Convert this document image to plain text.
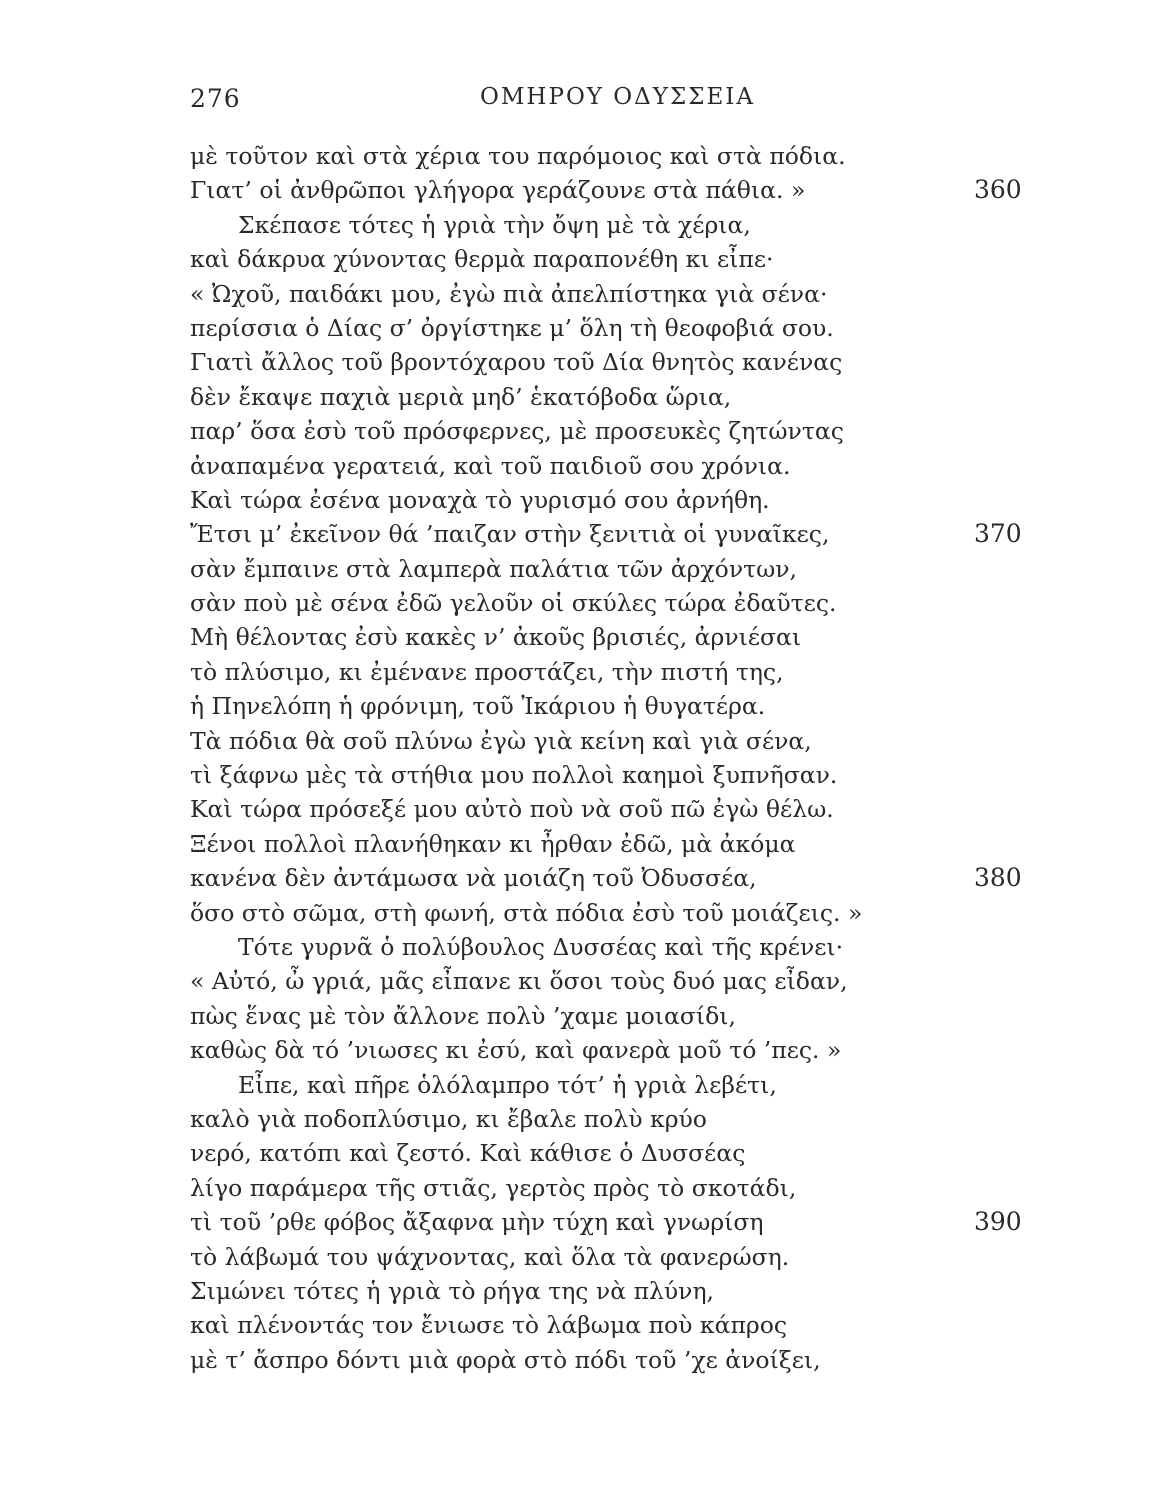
276	ΟΜΗΡΟΥ ΟΔΥΣΣΕΙΑ
μὲ τοῦτον καὶ στὰ χέρια του παρόμοιος καὶ στὰ πόδια.
Γιατ’ οἱ ἀνθρῶποι γλήγορα γεράζουνε στὰ πάθια. »	360
Σκέπασε τότες ἡ γριὰ τὴν ὄψη μὲ τὰ χέρια,
καὶ δάκρυα χύνοντας θερμὰ παραπονέθη κι εἶπε·
« Ὠχοῦ, παιδάκι μου, ἐγὼ πιὰ ἀπελπίστηκα γιὰ σένα·
περίσσια ὁ Δίας σ’ ὀργίστηκε μ’ ὅλη τὴ θεοφοβιά σου.
Γιατὶ ἄλλος τοῦ βροντόχαρου τοῦ Δία θνητὸς κανένας
δὲν ἔκαψε παχιὰ μεριὰ μηδ’ ἑκατόβοδα ὥρια,
παρ’ ὅσα ἐσὺ τοῦ πρόσφερνες, μὲ προσευκὲς ζητώντας
ἀναπαμένα γερατειά, καὶ τοῦ παιδιοῦ σου χρόνια.
Καὶ τώρα ἐσένα μοναχὰ τὸ γυρισμό σου ἀρνήθη.
Ἔτσι μ’ ἐκεῖνον θά ’παιζαν στὴν ξενιτιὰ οἱ γυναῖκες,	370
σὰν ἔμπαινε στὰ λαμπερὰ παλάτια τῶν ἀρχόντων,
σὰν ποὺ μὲ σένα ἐδῶ γελοῦν οἱ σκύλες τώρα ἐδαῦτες.
Μὴ θέλοντας ἐσὺ κακὲς ν’ ἀκοῦς βρισιές, ἀρνιέσαι
τὸ πλύσιμο, κι ἐμένανε προστάζει, τὴν πιστή της,
ἡ Πηνελόπη ἡ φρόνιμη, τοῦ Ἰκάριου ἡ θυγατέρα.
Τὰ πόδια θὰ σοῦ πλύνω ἐγὼ γιὰ κείνη καὶ γιὰ σένα,
τὶ ξάφνω μὲς τὰ στήθια μου πολλοὶ καημοὶ ξυπνῆσαν.
Καὶ τώρα πρόσεξέ μου αὐτὸ ποὺ νὰ σοῦ πῶ ἐγὼ θέλω.
Ξένοι πολλοὶ πλανήθηκαν κι ἦρθαν ἐδῶ, μὰ ἀκόμα
κανένα δὲν ἀντάμωσα νὰ μοιάζη τοῦ Ὀδυσσέα,	380
ὅσο στὸ σῶμα, στὴ φωνή, στὰ πόδια ἐσὺ τοῦ μοιάζεις. »
Τότε γυρνᾶ ὁ πολύβουλος Δυσσέας καὶ τῆς κρένει·
« Αὐτό, ὦ γριά, μᾶς εἶπανε κι ὅσοι τοὺς δυό μας εἶδαν,
πὼς ἕνας μὲ τὸν ἄλλονε πολὺ ’χαμε μοιασίδι,
καθὼς δὰ τό ’νιωσες κι ἐσύ, καὶ φανερὰ μοῦ τό ’πες. »
Εἶπε, καὶ πῆρε ὁλόλαμπρο τότ’ ἡ γριὰ λεβέτι,
καλὸ γιὰ ποδοπλύσιμο, κι ἔβαλε πολὺ κρύο
νερό, κατόπι καὶ ζεστό. Καὶ κάθισε ὁ Δυσσέας
λίγο παράμερα τῆς στιᾶς, γερτὸς πρὸς τὸ σκοτάδι,
τὶ τοῦ ’ρθε φόβος ἄξαφνα μὴν τύχη καὶ γνωρίση	390
τὸ λάβωμά του ψάχνοντας, καὶ ὅλα τὰ φανερώση.
Σιμώνει τότες ἡ γριὰ τὸ ρήγα της νὰ πλύνη,
καὶ πλένοντάς τον ἔνιωσε τὸ λάβωμα ποὺ κάπρος
μὲ τ’ ἄσπρο δόντι μιὰ φορὰ στὸ πόδι τοῦ ’χε ἀνοίξει,
